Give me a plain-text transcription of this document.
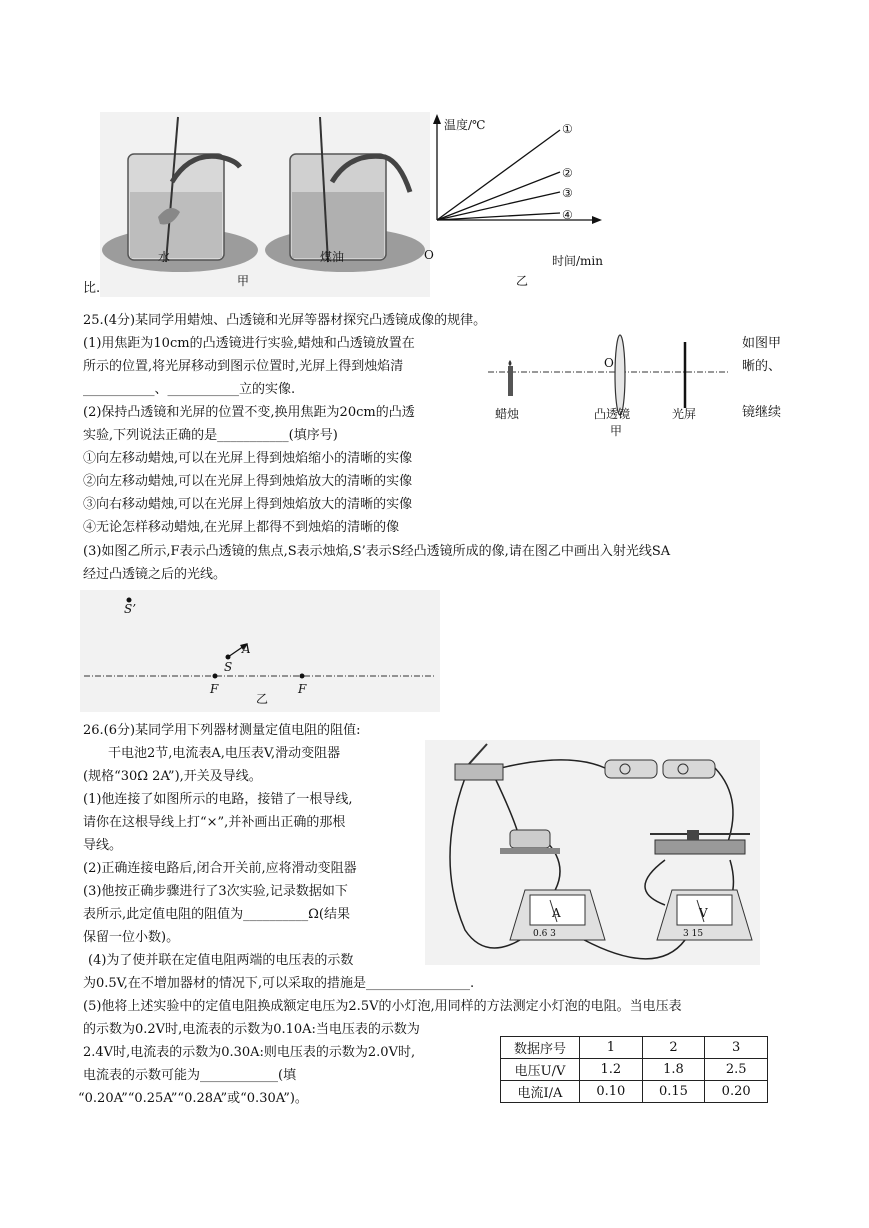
水	煤油
甲
温度/℃
时间/min
O
①
②
③
④
乙
比.
25.(4分)某同学用蜡烛、凸透镜和光屏等器材探究凸透镜成像的规律。
(1)用焦距为10cm的凸透镜进行实验,蜡烛和凸透镜放置在	如图甲
所示的位置,将光屏移动到图示位置时,光屏上得到烛焰清	晰的、
___________、___________立的实像.
(2)保持凸透镜和光屏的位置不变,换用焦距为20cm的凸透	镜继续
实验,下列说法正确的是___________(填序号)
①向左移动蜡烛,可以在光屏上得到烛焰缩小的清晰的实像
②向左移动蜡烛,可以在光屏上得到烛焰放大的清晰的实像
③向右移动蜡烛,可以在光屏上得到烛焰放大的清晰的实像
④无论怎样移动蜡烛,在光屏上都得不到烛焰的清晰的像
(3)如图乙所示,F表示凸透镜的焦点,S表示烛焰,S’表示S经凸透镜所成的像,请在图乙中画出入射光线SA
经过凸透镜之后的光线。
O
蜡烛	凸透镜	光屏
甲
S’
S
A
F	F
乙
26.(6分)某同学用下列器材测量定值电阻的阻值:
干电池2节,电流表A,电压表V,滑动变阻器
(规格“30Ω 2A”),开关及导线。
(1)他连接了如图所示的电路，接错了一根导线,
请你在这根导线上打“×”,并补画出正确的那根
导线。
(2)正确连接电路后,闭合开关前,应将滑动变阻器
(3)他按正确步骤进行了3次实验,记录数据如下
表所示,此定值电阻的阻值为__________Ω(结果
保留一位小数)。
(4)为了使并联在定值电阻两端的电压表的示数
为0.5V,在不增加器材的情况下,可以采取的措施是________________.
(5)他将上述实验中的定值电阻换成额定电压为2.5V的小灯泡,用同样的方法测定小灯泡的电阻。当电压表
的示数为0.2V时,电流表的示数为0.10A:当电压表的示数为
2.4V时,电流表的示数为0.30A:则电压表的示数为2.0V时,
电流表的示数可能为____________(填
“0.20A”“0.25A”“0.28A”或“0.30A”)。
A
0.6 3
V
3 15
数据序号	1	2	3
电压U/V	1.2	1.8	2.5
电流I/A	0.10	0.15	0.20
